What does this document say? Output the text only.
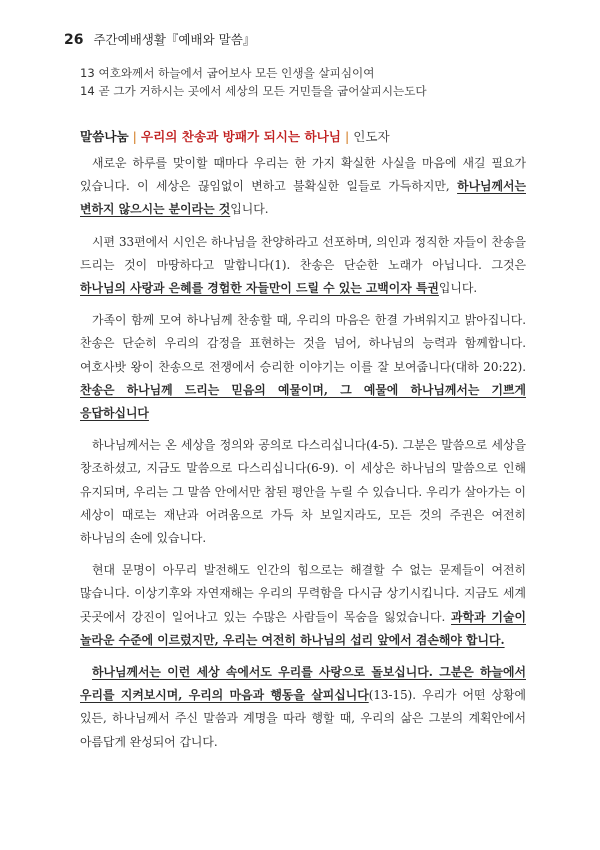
26 주간예배생활『예배와 말씀』
13 여호와께서 하늘에서 굽어보사 모든 인생을 살피심이여
14 곧 그가 거하시는 곳에서 세상의 모든 거민들을 굽어살피시는도다
말씀나눔 | 우리의 찬송과 방패가 되시는 하나님 | 인도자

새로운 하루를 맞이할 때마다 우리는 한 가지 확실한 사실을 마음에 새길 필요가 있습니다. 이 세상은 끊임없이 변하고 불확실한 일들로 가득하지만, 하나님께서는 변하지 않으시는 분이라는 것입니다.

시편 33편에서 시인은 하나님을 찬양하라고 선포하며, 의인과 정직한 자들이 찬송을 드리는 것이 마땅하다고 말합니다(1). 찬송은 단순한 노래가 아닙니다. 그것은 하나님의 사랑과 은혜를 경험한 자들만이 드릴 수 있는 고백이자 특권입니다.

가족이 함께 모여 하나님께 찬송할 때, 우리의 마음은 한결 가벼워지고 밝아집니다. 찬송은 단순히 우리의 감정을 표현하는 것을 넘어, 하나님의 능력과 함께합니다. 여호사밧 왕이 찬송으로 전쟁에서 승리한 이야기는 이를 잘 보여줍니다(대하 20:22). 찬송은 하나님께 드리는 믿음의 예물이며, 그 예물에 하나님께서는 기쁘게 응답하십니다

하나님께서는 온 세상을 정의와 공의로 다스리십니다(4-5). 그분은 말씀으로 세상을 창조하셨고, 지금도 말씀으로 다스리십니다(6-9). 이 세상은 하나님의 말씀으로 인해 유지되며, 우리는 그 말씀 안에서만 참된 평안을 누릴 수 있습니다. 우리가 살아가는 이 세상이 때로는 재난과 어려움으로 가득 차 보일지라도, 모든 것의 주권은 여전히 하나님의 손에 있습니다.

현대 문명이 아무리 발전해도 인간의 힘으로는 해결할 수 없는 문제들이 여전히 많습니다. 이상기후와 자연재해는 우리의 무력함을 다시금 상기시킵니다. 지금도 세계 곳곳에서 강진이 일어나고 있는 수많은 사람들이 목숨을 잃었습니다. 과학과 기술이 놀라운 수준에 이르렀지만, 우리는 여전히 하나님의 섭리 앞에서 겸손해야 합니다.

하나님께서는 이런 세상 속에서도 우리를 사랑으로 돌보십니다. 그분은 하늘에서 우리를 지켜보시며, 우리의 마음과 행동을 살피십니다(13-15). 우리가 어떤 상황에 있든, 하나님께서 주신 말씀과 계명을 따라 행할 때, 우리의 삶은 그분의 계획안에서 아름답게 완성되어 갑니다.
